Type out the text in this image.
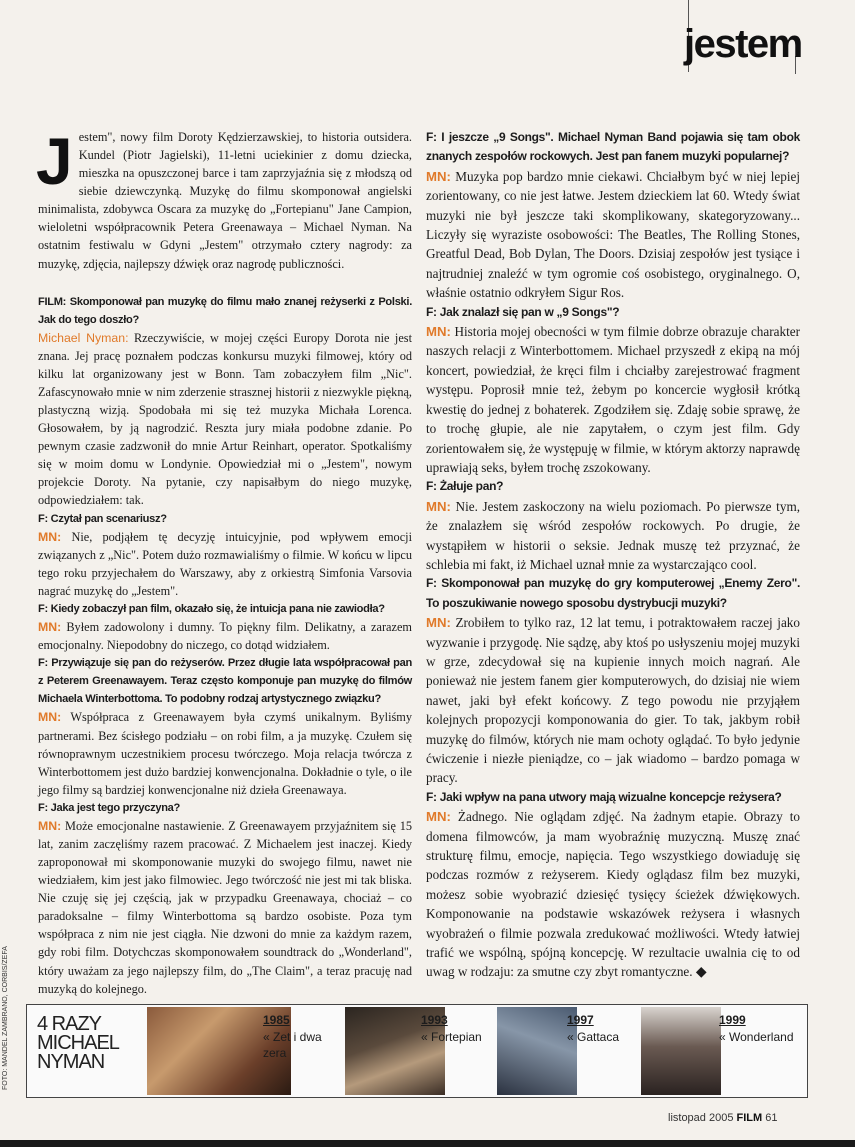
jestem
FOTO: MANDEL ZAMBRANO, CORBIS/ZEFA

Jestem", nowy film Doroty Kędzierzawskiej, to historia outsidera. Kundel (Piotr Jagielski), 11-letni uciekinier z domu dziecka, mieszka na opuszczonej barce i tam zaprzyjaźnia się z młodszą od siebie dziewczynką. Muzykę do filmu skomponował angielski minimalista, zdobywca Oscara za muzykę do „Fortepianu" Jane Campion, wieloletni współpracownik Petera Greenawaya – Michael Nyman. Na ostatnim festiwalu w Gdyni „Jestem" otrzymało cztery nagrody: za muzykę, zdjęcia, najlepszy dźwięk oraz nagrodę publiczności.

FILM: Skomponował pan muzykę do filmu mało znanej reżyserki z Polski. Jak do tego doszło?

Michael Nyman: Rzeczywiście, w mojej części Europy Dorota nie jest znana. Jej pracę poznałem podczas konkursu muzyki filmowej, który od kilku lat organizowany jest w Bonn. Tam zobaczyłem film „Nic". Zafascynowało mnie w nim zderzenie strasznej historii z niezwykle piękną, plastyczną wizją. Spodobała mi się też muzyka Michała Lorenca. Głosowałem, by ją nagrodzić. Reszta jury miała podobne zdanie. Po pewnym czasie zadzwonił do mnie Artur Reinhart, operator. Spotkaliśmy się w moim domu w Londynie. Opowiedział mi o „Jestem", nowym projekcie Doroty. Na pytanie, czy napisałbym do niego muzykę, odpowiedziałem: tak.

F: Czytał pan scenariusz?

MN: Nie, podjąłem tę decyzję intuicyjnie, pod wpływem emocji związanych z „Nic". Potem dużo rozmawialiśmy o filmie. W końcu w lipcu tego roku przyjechałem do Warszawy, aby z orkiestrą Simfonia Varsovia nagrać muzykę do „Jestem".

F: Kiedy zobaczył pan film, okazało się, że intuicja pana nie zawiodła?

MN: Byłem zadowolony i dumny. To piękny film. Delikatny, a zarazem emocjonalny. Niepodobny do niczego, co dotąd widziałem.

F: Przywiązuje się pan do reżyserów. Przez długie lata współpracował pan z Peterem Greenawayem. Teraz często komponuje pan muzykę do filmów Michaela Winterbottoma. To podobny rodzaj artystycznego związku?

MN: Współpraca z Greenawayem była czymś unikalnym. Byliśmy partnerami. Bez ścisłego podziału – on robi film, a ja muzykę. Czułem się równoprawnym uczestnikiem procesu twórczego. Moja relacja twórcza z Winterbottomem jest dużo bardziej konwencjonalna. Dokładnie o tyle, o ile jego filmy są bardziej konwencjonalne niż dzieła Greenawaya.

F: Jaka jest tego przyczyna?

MN: Może emocjonalne nastawienie. Z Greenawayem przyjaźnitem się 15 lat, zanim zaczęliśmy razem pracować. Z Michaelem jest inaczej. Kiedy zaproponował mi skomponowanie muzyki do swojego filmu, nawet nie wiedziałem, kim jest jako filmowiec. Jego twórczość nie jest mi tak bliska. Nie czuję się jej częścią, jak w przypadku Greenawaya, chociaż – co paradoksalne – filmy Winterbottoma są bardzo osobiste. Poza tym współpraca z nim nie jest ciągła. Nie dzwoni do mnie za każdym razem, gdy robi film. Dotychczas skomponowałem soundtrack do „Wonderland", który uważam za jego najlepszy film, do „The Claim", a teraz pracuję nad muzyką do kolejnego.

F: I jeszcze „9 Songs". Michael Nyman Band pojawia się tam obok znanych zespołów rockowych. Jest pan fanem muzyki popularnej?

MN: Muzyka pop bardzo mnie ciekawi. Chciałbym być w niej lepiej zorientowany, co nie jest łatwe. Jestem dzieckiem lat 60. Wtedy świat muzyki nie był jeszcze taki skomplikowany, skategoryzowany... Liczyły się wyraziste osobowości: The Beatles, The Rolling Stones, Greatful Dead, Bob Dylan, The Doors. Dzisiaj zespołów jest tysiące i najtrudniej znaleźć w tym ogromie coś osobistego, oryginalnego. O, właśnie ostatnio odkryłem Sigur Ros.

F: Jak znalazł się pan w „9 Songs"?

MN: Historia mojej obecności w tym filmie dobrze obrazuje charakter naszych relacji z Winterbottomem. Michael przyszedł z ekipą na mój koncert, powiedział, że kręci film i chciałby zarejestrować fragment występu. Poprosił mnie też, żebym po koncercie wygłosił krótką kwestię do jednej z bohaterek. Zgodziłem się. Zdaję sobie sprawę, że to trochę głupie, ale nie zapytałem, o czym jest film. Gdy zorientowałem się, że występuję w filmie, w którym aktorzy naprawdę uprawiają seks, byłem trochę zszokowany.

F: Żałuje pan?

MN: Nie. Jestem zaskoczony na wielu poziomach. Po pierwsze tym, że znalazłem się wśród zespołów rockowych. Po drugie, że wystąpiłem w historii o seksie. Jednak muszę też przyznać, że schlebia mi fakt, iż Michael uznał mnie za wystarczająco cool.

F: Skomponował pan muzykę do gry komputerowej „Enemy Zero". To poszukiwanie nowego sposobu dystrybucji muzyki?

MN: Zrobiłem to tylko raz, 12 lat temu, i potraktowałem raczej jako wyzwanie i przygodę. Nie sądzę, aby ktoś po usłyszeniu mojej muzyki w grze, zdecydował się na kupienie innych moich nagrań. Ale ponieważ nie jestem fanem gier komputerowych, do dzisiaj nie wiem nawet, jaki był efekt końcowy. Z tego powodu nie przyjąłem kolejnych propozycji komponowania do gier. To tak, jakbym robił muzykę do filmów, których nie mam ochoty oglądać. To było jedynie ćwiczenie i niezłe pieniądze, co – jak wiadomo – bardzo pomaga w pracy.

F: Jaki wpływ na pana utwory mają wizualne koncepcje reżysera?

MN: Żadnego. Nie oglądam zdjęć. Na żadnym etapie. Obrazy to domena filmowców, ja mam wyobraźnię muzyczną. Muszę znać strukturę filmu, emocje, napięcia. Tego wszystkiego dowiaduję się podczas rozmów z reżyserem. Kiedy oglądasz film bez muzyki, możesz sobie wyobrazić dziesięć tysięcy ścieżek dźwiękowych. Komponowanie na podstawie wskazówek reżysera i własnych wyobrażeń o filmie pozwala zredukować możliwości. Wtedy łatwiej trafić we wspólną, spójną koncepcję. W rezultacie uwalnia cię to od uwag w rodzaju: za smutne czy zbyt romantyczne. ◆

4 RAZY MICHAEL NYMAN
1985
« Zet i dwa zera
1993
« Fortepian
1997
« Gattaca
1999
« Wonderland
listopad 2005 FILM 61
